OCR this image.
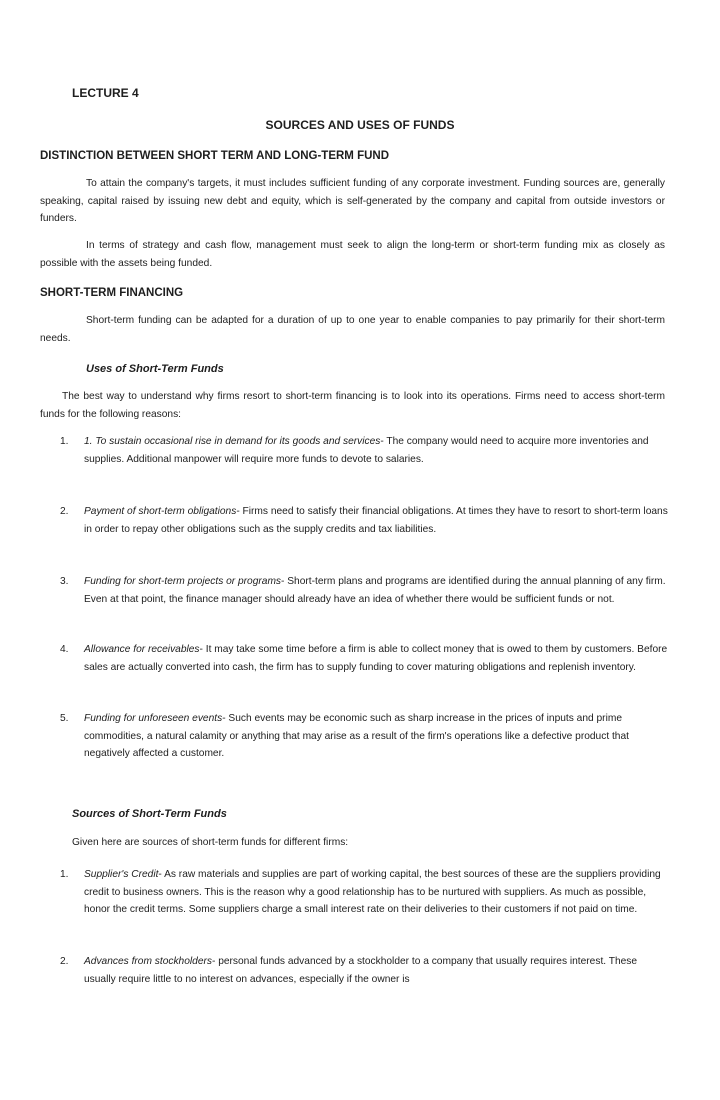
LECTURE 4
SOURCES AND USES OF FUNDS
DISTINCTION BETWEEN SHORT TERM AND LONG-TERM FUND

To attain the company's targets, it must includes sufficient funding of any corporate investment. Funding sources are, generally speaking, capital raised by issuing new debt and equity, which is self-generated by the company and capital from outside investors or funders.

In terms of strategy and cash flow, management must seek to align the long-term or short-term funding mix as closely as possible with the assets being funded.

SHORT-TERM FINANCING

Short-term funding can be adapted for a duration of up to one year to enable companies to pay primarily for their short-term needs.

Uses of Short-Term Funds

The best way to understand why firms resort to short-term financing is to look into its operations. Firms need to access short-term funds for the following reasons:

1.	1. To sustain occasional rise in demand for its goods and services- The company would need to acquire more inventories and supplies. Additional manpower will require more funds to devote to salaries.
2.	Payment of short-term obligations- Firms need to satisfy their financial obligations. At times they have to resort to short-term loans in order to repay other obligations such as the supply credits and tax liabilities.
3.	Funding for short-term projects or programs- Short-term plans and programs are identified during the annual planning of any firm. Even at that point, the finance manager should already have an idea of whether there would be sufficient funds or not.
4.	Allowance for receivables- It may take some time before a firm is able to collect money that is owed to them by customers. Before sales are actually converted into cash, the firm has to supply funding to cover maturing obligations and replenish inventory.
5.	Funding for unforeseen events- Such events may be economic such as sharp increase in the prices of inputs and prime commodities, a natural calamity or anything that may arise as a result of the firm's operations like a defective product that negatively affected a customer.
Sources of Short-Term Funds

Given here are sources of short-term funds for different firms:

1.	Supplier's Credit- As raw materials and supplies are part of working capital, the best sources of these are the suppliers providing credit to business owners. This is the reason why a good relationship has to be nurtured with suppliers. As much as possible, honor the credit terms. Some suppliers charge a small interest rate on their deliveries to their customers if not paid on time.
2.	Advances from stockholders- personal funds advanced by a stockholder to a company that usually requires interest. These usually require little to no interest on advances, especially if the owner is
